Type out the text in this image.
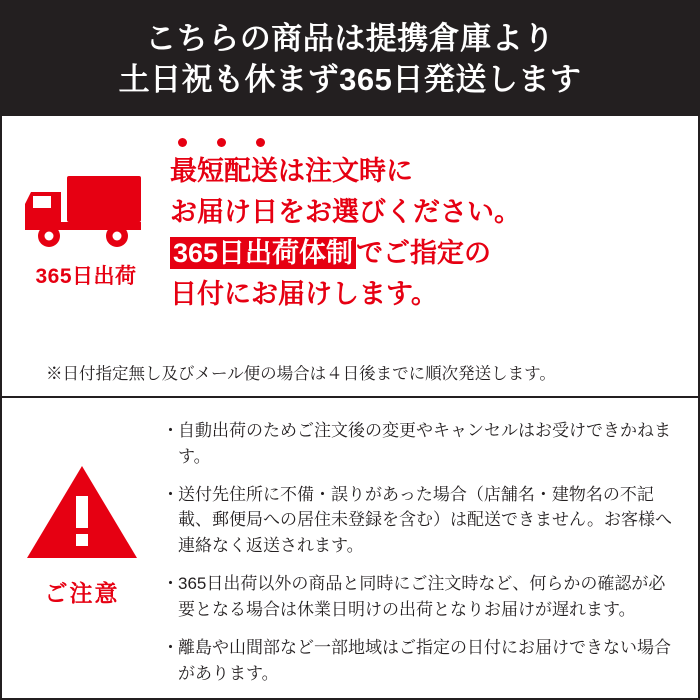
こちらの商品は提携倉庫より
土日祝も休まず365日発送します
365日出荷
最短配送は注文時に
お届け日をお選びください。
365日出荷体制 でご指定の
日付にお届けします。
※日付指定無し及びメール便の場合は４日後までに順次発送します。
ご注意
・ 自動出荷のためご注文後の変更やキャンセルはお受けできかねます。
・ 送付先住所に不備・誤りがあった場合（店舗名・建物名の不記載、郵便局への居住未登録を含む）は配送できません。お客様へ連絡なく返送されます。
・ 365日出荷以外の商品と同時にご注文時など、何らかの確認が必要となる場合は休業日明けの出荷となりお届けが遅れます。
・ 離島や山間部など一部地域はご指定の日付にお届けできない場合があります。
